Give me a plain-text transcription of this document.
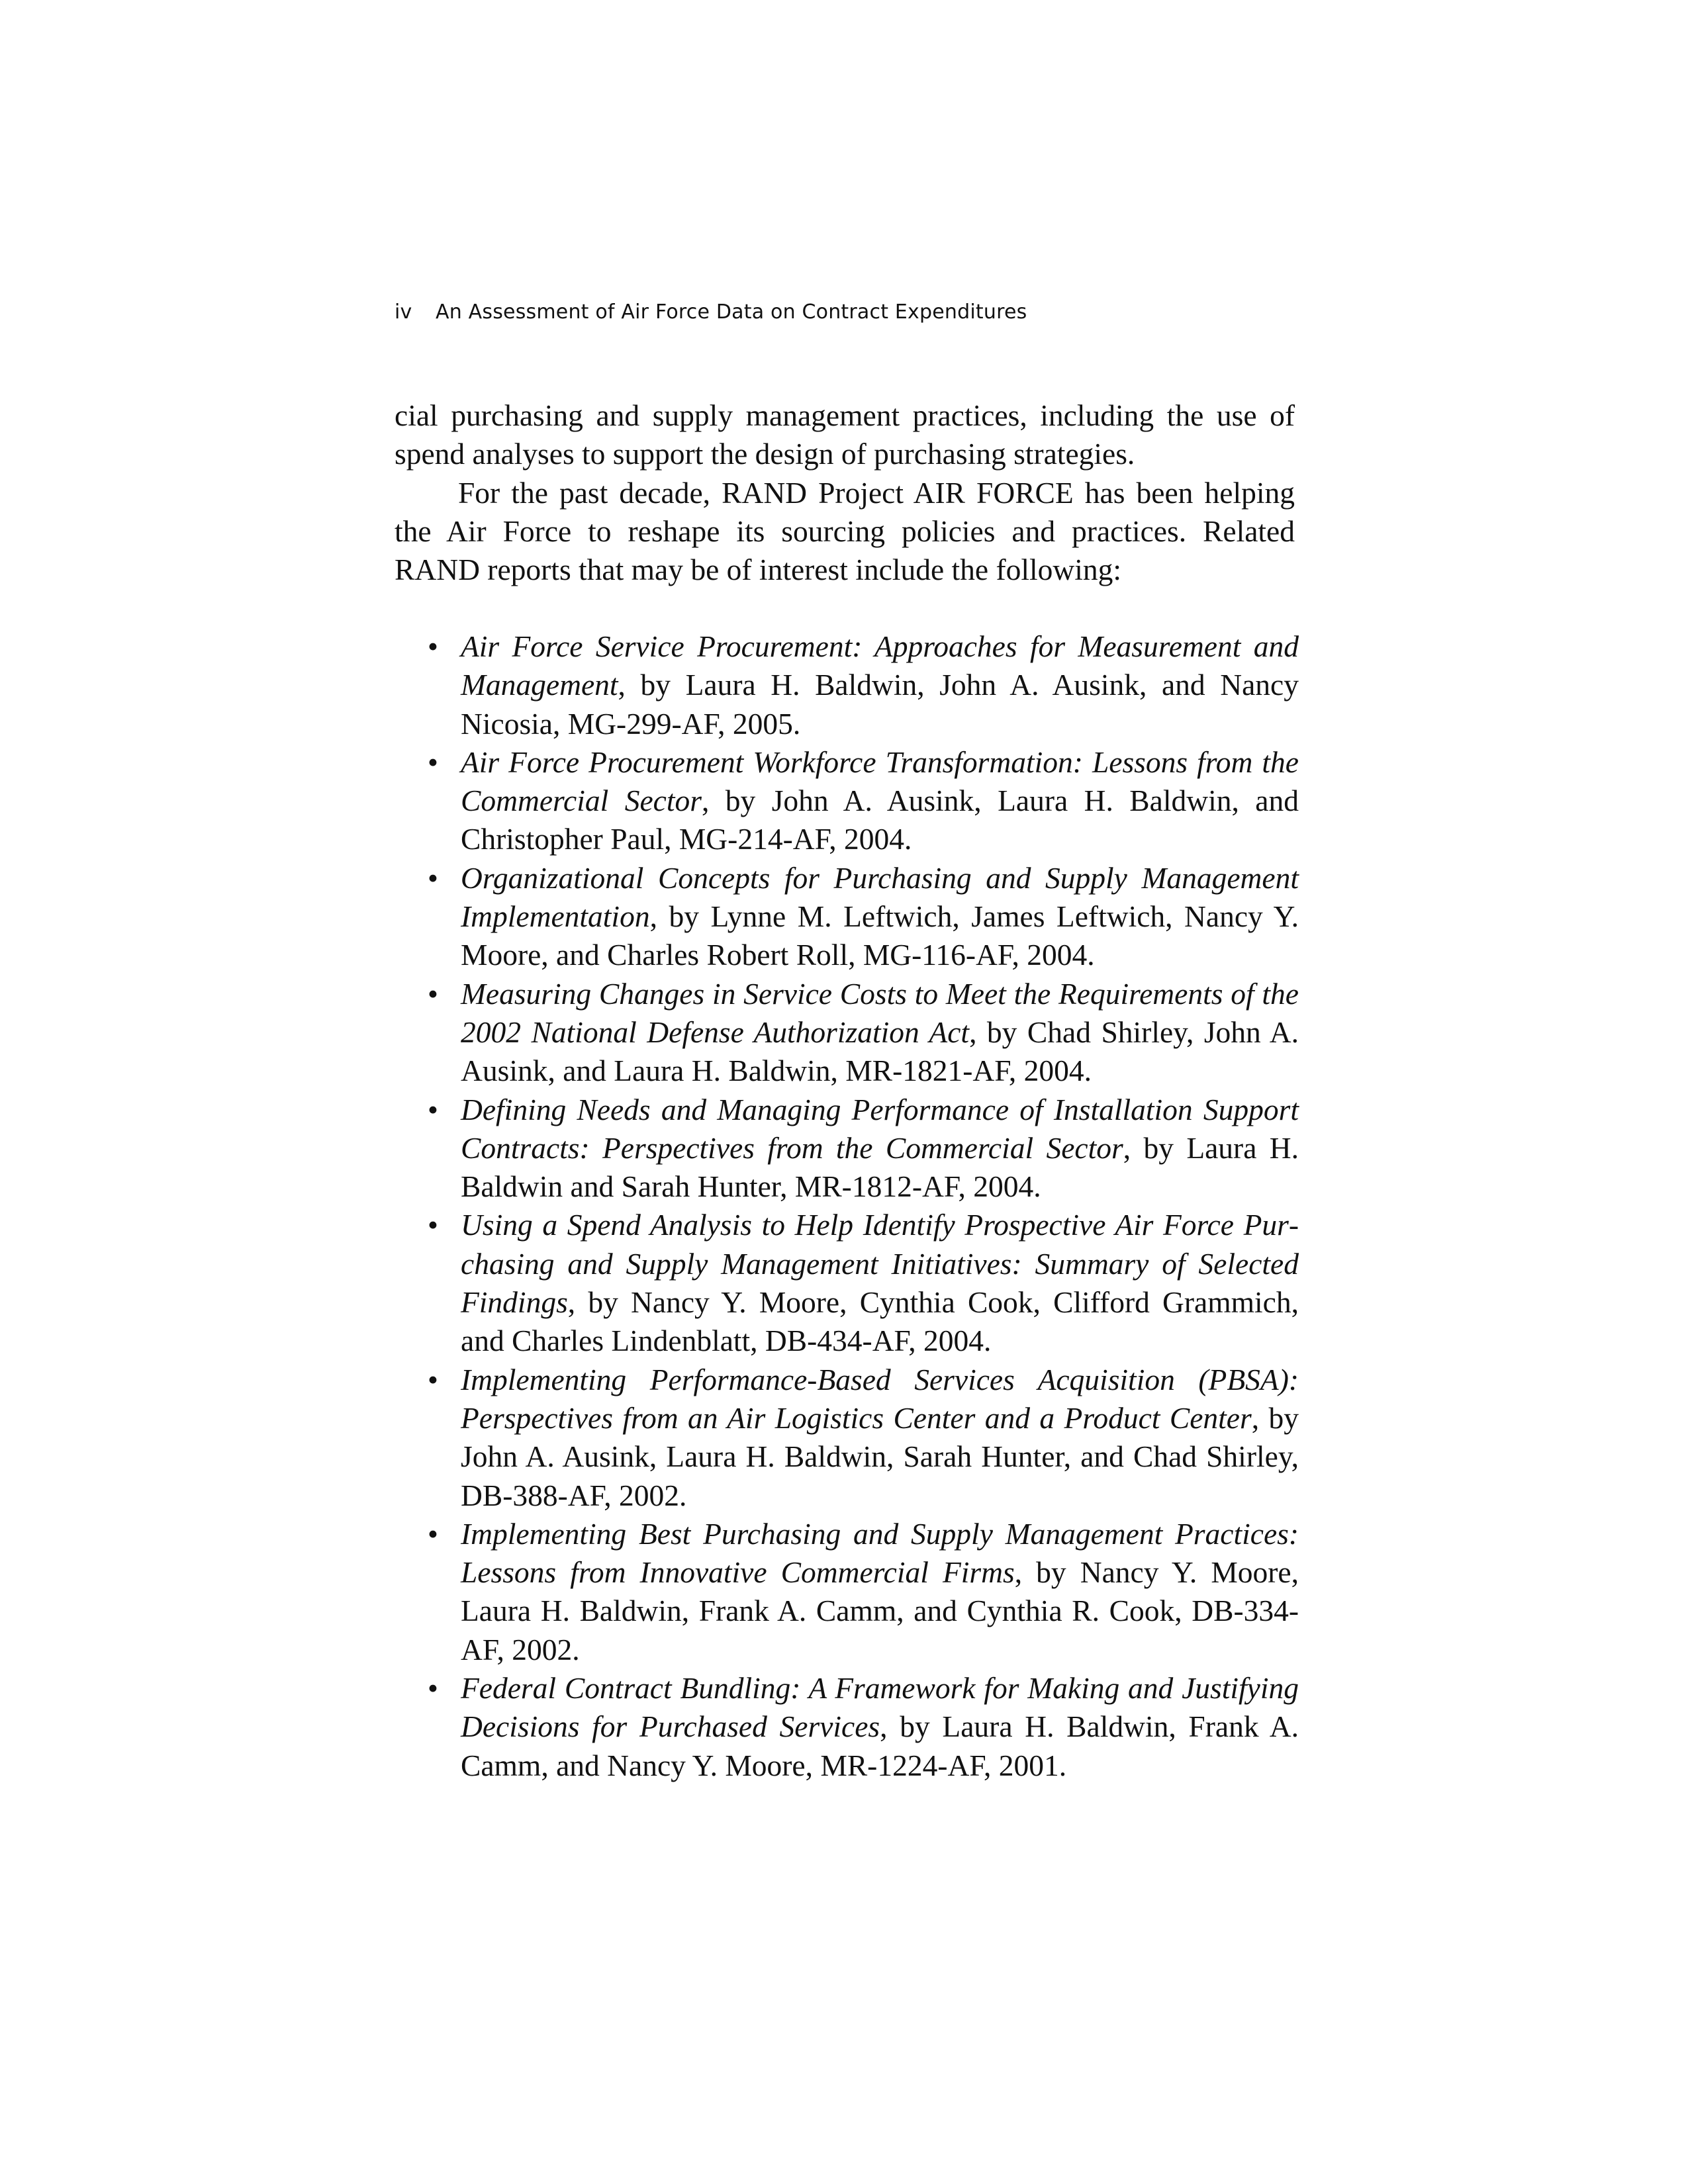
iv An Assessment of Air Force Data on Contract Expenditures

cial purchasing and supply management practices, including the use of spend analyses to support the design of purchasing strategies.

For the past decade, RAND Project AIR FORCE has been helping the Air Force to reshape its sourcing policies and practices. Related RAND reports that may be of interest include the following:

• Air Force Service Procurement: Approaches for Measurement and Management, by Laura H. Baldwin, John A. Ausink, and Nancy Nicosia, MG-299-AF, 2005.
• Air Force Procurement Workforce Transformation: Lessons from the Commercial Sector, by John A. Ausink, Laura H. Baldwin, and Christopher Paul, MG-214-AF, 2004.
• Organizational Concepts for Purchasing and Supply Management Implementation, by Lynne M. Leftwich, James Leftwich, Nancy Y. Moore, and Charles Robert Roll, MG-116-AF, 2004.
• Measuring Changes in Service Costs to Meet the Requirements of the 2002 National Defense Authorization Act, by Chad Shirley, John A. Ausink, and Laura H. Baldwin, MR-1821-AF, 2004.
• Defining Needs and Managing Performance of Installation Support Contracts: Perspectives from the Commercial Sector, by Laura H. Baldwin and Sarah Hunter, MR-1812-AF, 2004.
• Using a Spend Analysis to Help Identify Prospective Air Force Purchasing and Supply Management Initiatives: Summary of Selected Findings, by Nancy Y. Moore, Cynthia Cook, Clifford Grammich, and Charles Lindenblatt, DB-434-AF, 2004.
• Implementing Performance-Based Services Acquisition (PBSA): Perspectives from an Air Logistics Center and a Product Center, by John A. Ausink, Laura H. Baldwin, Sarah Hunter, and Chad Shirley, DB-388-AF, 2002.
• Implementing Best Purchasing and Supply Management Practices: Lessons from Innovative Commercial Firms, by Nancy Y. Moore, Laura H. Baldwin, Frank A. Camm, and Cynthia R. Cook, DB-334-AF, 2002.
• Federal Contract Bundling: A Framework for Making and Justifying Decisions for Purchased Services, by Laura H. Baldwin, Frank A. Camm, and Nancy Y. Moore, MR-1224-AF, 2001.
